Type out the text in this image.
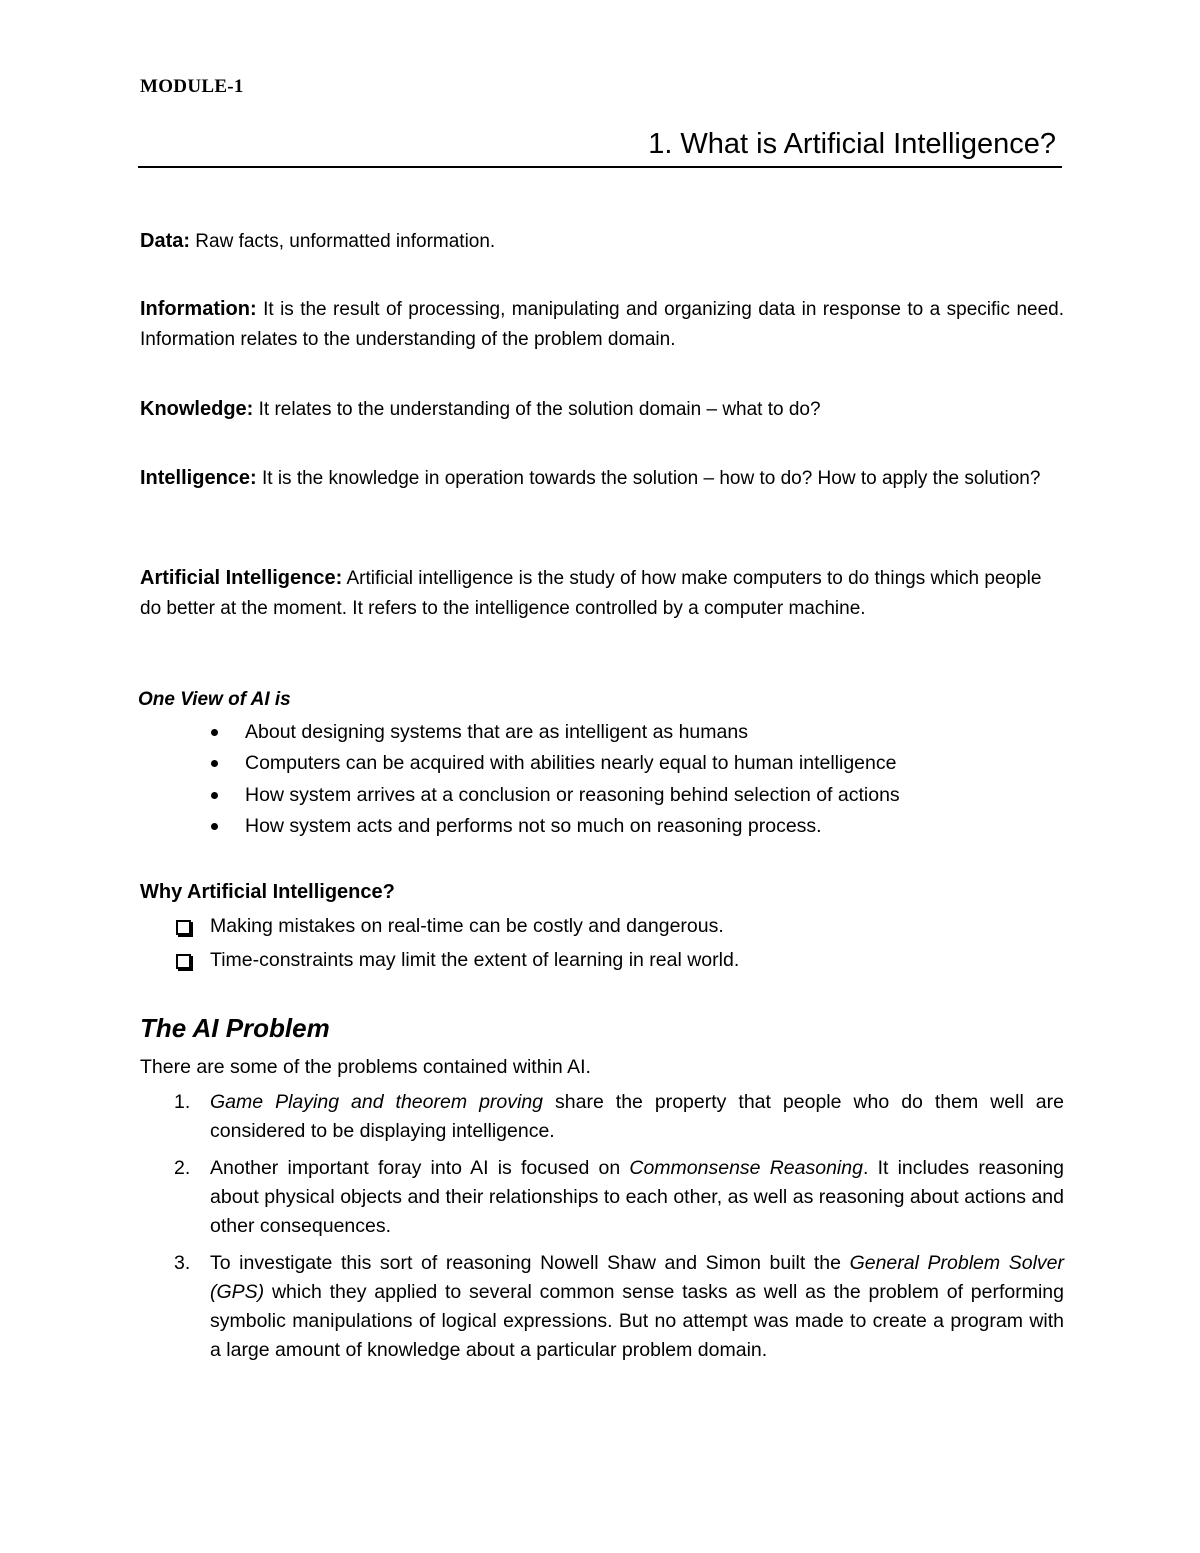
MODULE-1
1. What is Artificial Intelligence?

Data: Raw facts, unformatted information.

Information: It is the result of processing, manipulating and organizing data in response to a specific need. Information relates to the understanding of the problem domain.

Knowledge: It relates to the understanding of the solution domain – what to do?

Intelligence: It is the knowledge in operation towards the solution – how to do? How to apply the solution?

Artificial Intelligence: Artificial intelligence is the study of how make computers to do things which people do better at the moment. It refers to the intelligence controlled by a computer machine.

One View of AI is
About designing systems that are as intelligent as humans
Computers can be acquired with abilities nearly equal to human intelligence
How system arrives at a conclusion or reasoning behind selection of actions
How system acts and performs not so much on reasoning process.
Why Artificial Intelligence?
Making mistakes on real-time can be costly and dangerous.
Time-constraints may limit the extent of learning in real world.
The AI Problem
There are some of the problems contained within AI.
1. Game Playing and theorem proving share the property that people who do them well are considered to be displaying intelligence.
2. Another important foray into AI is focused on Commonsense Reasoning. It includes reasoning about physical objects and their relationships to each other, as well as reasoning about actions and other consequences.
3. To investigate this sort of reasoning Nowell Shaw and Simon built the General Problem Solver (GPS) which they applied to several common sense tasks as well as the problem of performing symbolic manipulations of logical expressions. But no attempt was made to create a program with a large amount of knowledge about a particular problem domain.
